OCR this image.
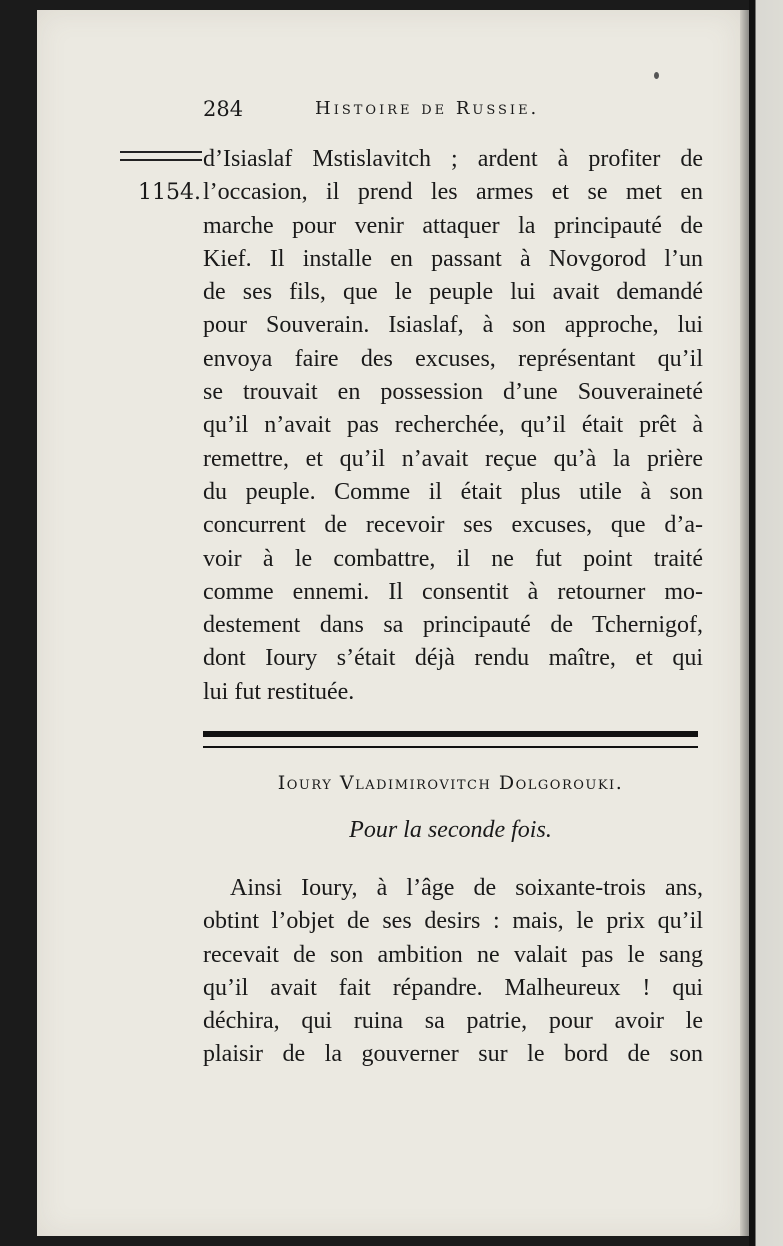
284	Histoire de Russie.
1154.
d’Isiaslaf Mstislavitch ; ardent à profiter de
l’occasion, il prend les armes et se met en
marche pour venir attaquer la principauté de
Kief. Il installe en passant à Novgorod l’un
de ses fils, que le peuple lui avait demandé
pour Souverain. Isiaslaf, à son approche, lui
envoya faire des excuses, représentant qu’il
se trouvait en possession d’une Souveraineté
qu’il n’avait pas recherchée, qu’il était prêt à
remettre, et qu’il n’avait reçue qu’à la prière
du peuple. Comme il était plus utile à son
concurrent de recevoir ses excuses, que d’a-
voir à le combattre, il ne fut point traité
comme ennemi. Il consentit à retourner mo-
destement dans sa principauté de Tchernigof,
dont Ioury s’était déjà rendu maître, et qui
lui fut restituée.
Ioury Vladimirovitch Dolgorouki.
Pour la seconde fois.
Ainsi Ioury, à l’âge de soixante-trois ans,
obtint l’objet de ses desirs : mais, le prix qu’il
recevait de son ambition ne valait pas le sang
qu’il avait fait répandre. Malheureux ! qui
déchira, qui ruina sa patrie, pour avoir le
plaisir de la gouverner sur le bord de son
